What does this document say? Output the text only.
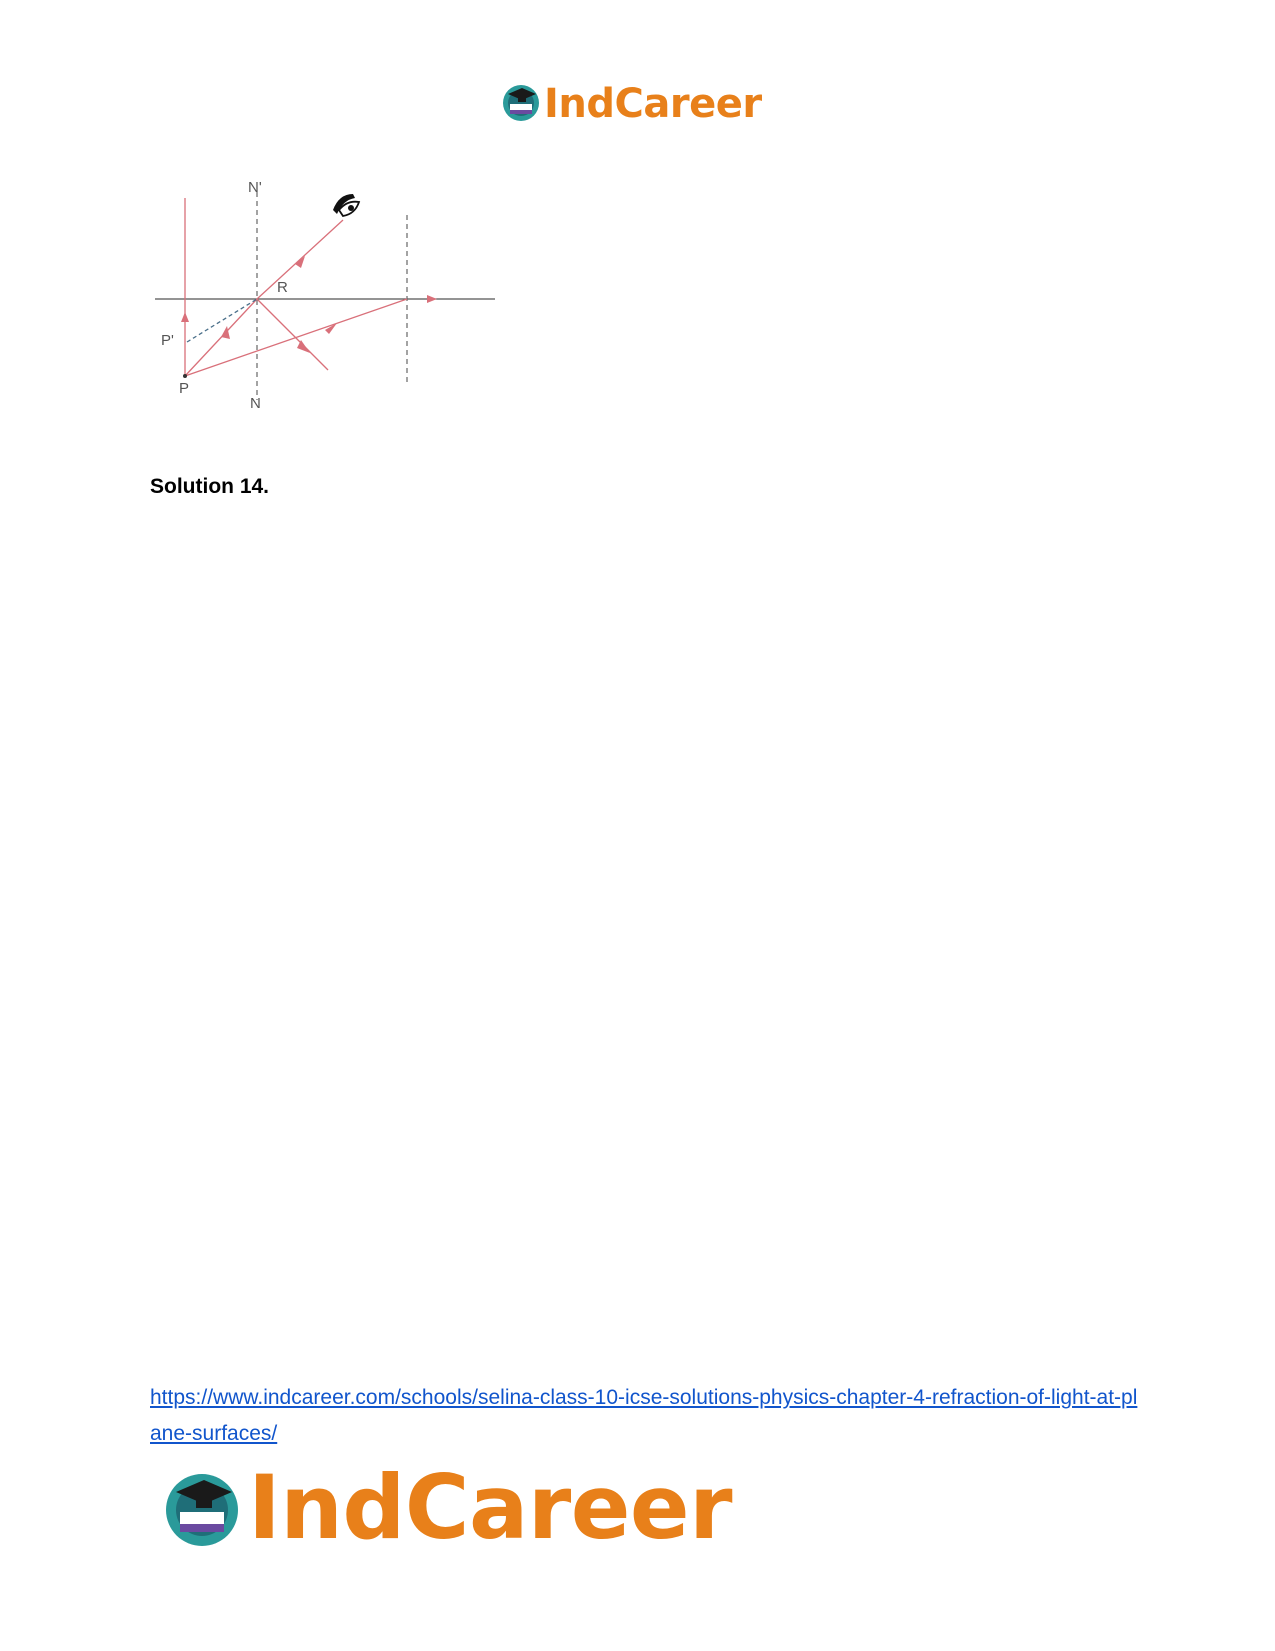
IndCareer
N'
N
R
P'
P
Solution 14.
https://www.indcareer.com/schools/selina-class-10-icse-solutions-physics-chapter-4-refraction-of-light-at-plane-surfaces/
IndCareer
